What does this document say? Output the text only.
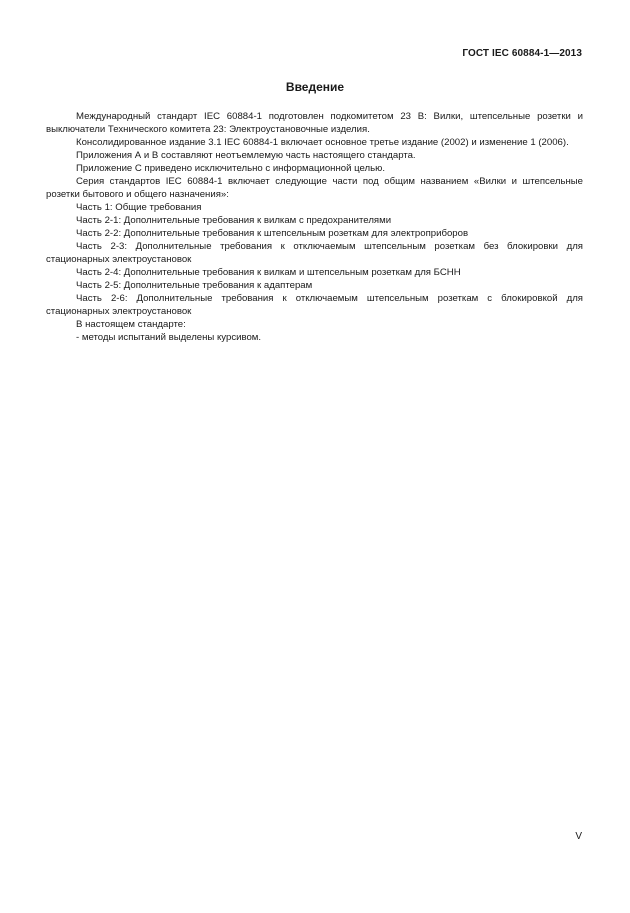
ГОСТ IEC 60884-1—2013
Введение

Международный стандарт IEC 60884-1 подготовлен подкомитетом 23 В: Вилки, штепсельные розетки и выключатели Технического комитета 23: Электроустановочные изделия.

Консолидированное издание 3.1 IEC 60884-1 включает основное третье издание (2002) и изменение 1 (2006).

Приложения А и В составляют неотъемлемую часть настоящего стандарта.

Приложение С приведено исключительно с информационной целью.

Серия стандартов IEC 60884-1 включает следующие части под общим названием «Вилки и штепсельные розетки бытового и общего назначения»:

Часть 1: Общие требования

Часть 2-1: Дополнительные требования к вилкам с предохранителями

Часть 2-2: Дополнительные требования к штепсельным розеткам для электроприборов

Часть 2-3: Дополнительные требования к отключаемым штепсельным розеткам без блокировки для стационарных электроустановок

Часть 2-4: Дополнительные требования к вилкам и штепсельным розеткам для БСНН

Часть 2-5: Дополнительные требования к адаптерам

Часть 2-6: Дополнительные требования к отключаемым штепсельным розеткам с блокировкой для стационарных электроустановок

В настоящем стандарте:

- методы испытаний выделены курсивом.

V
